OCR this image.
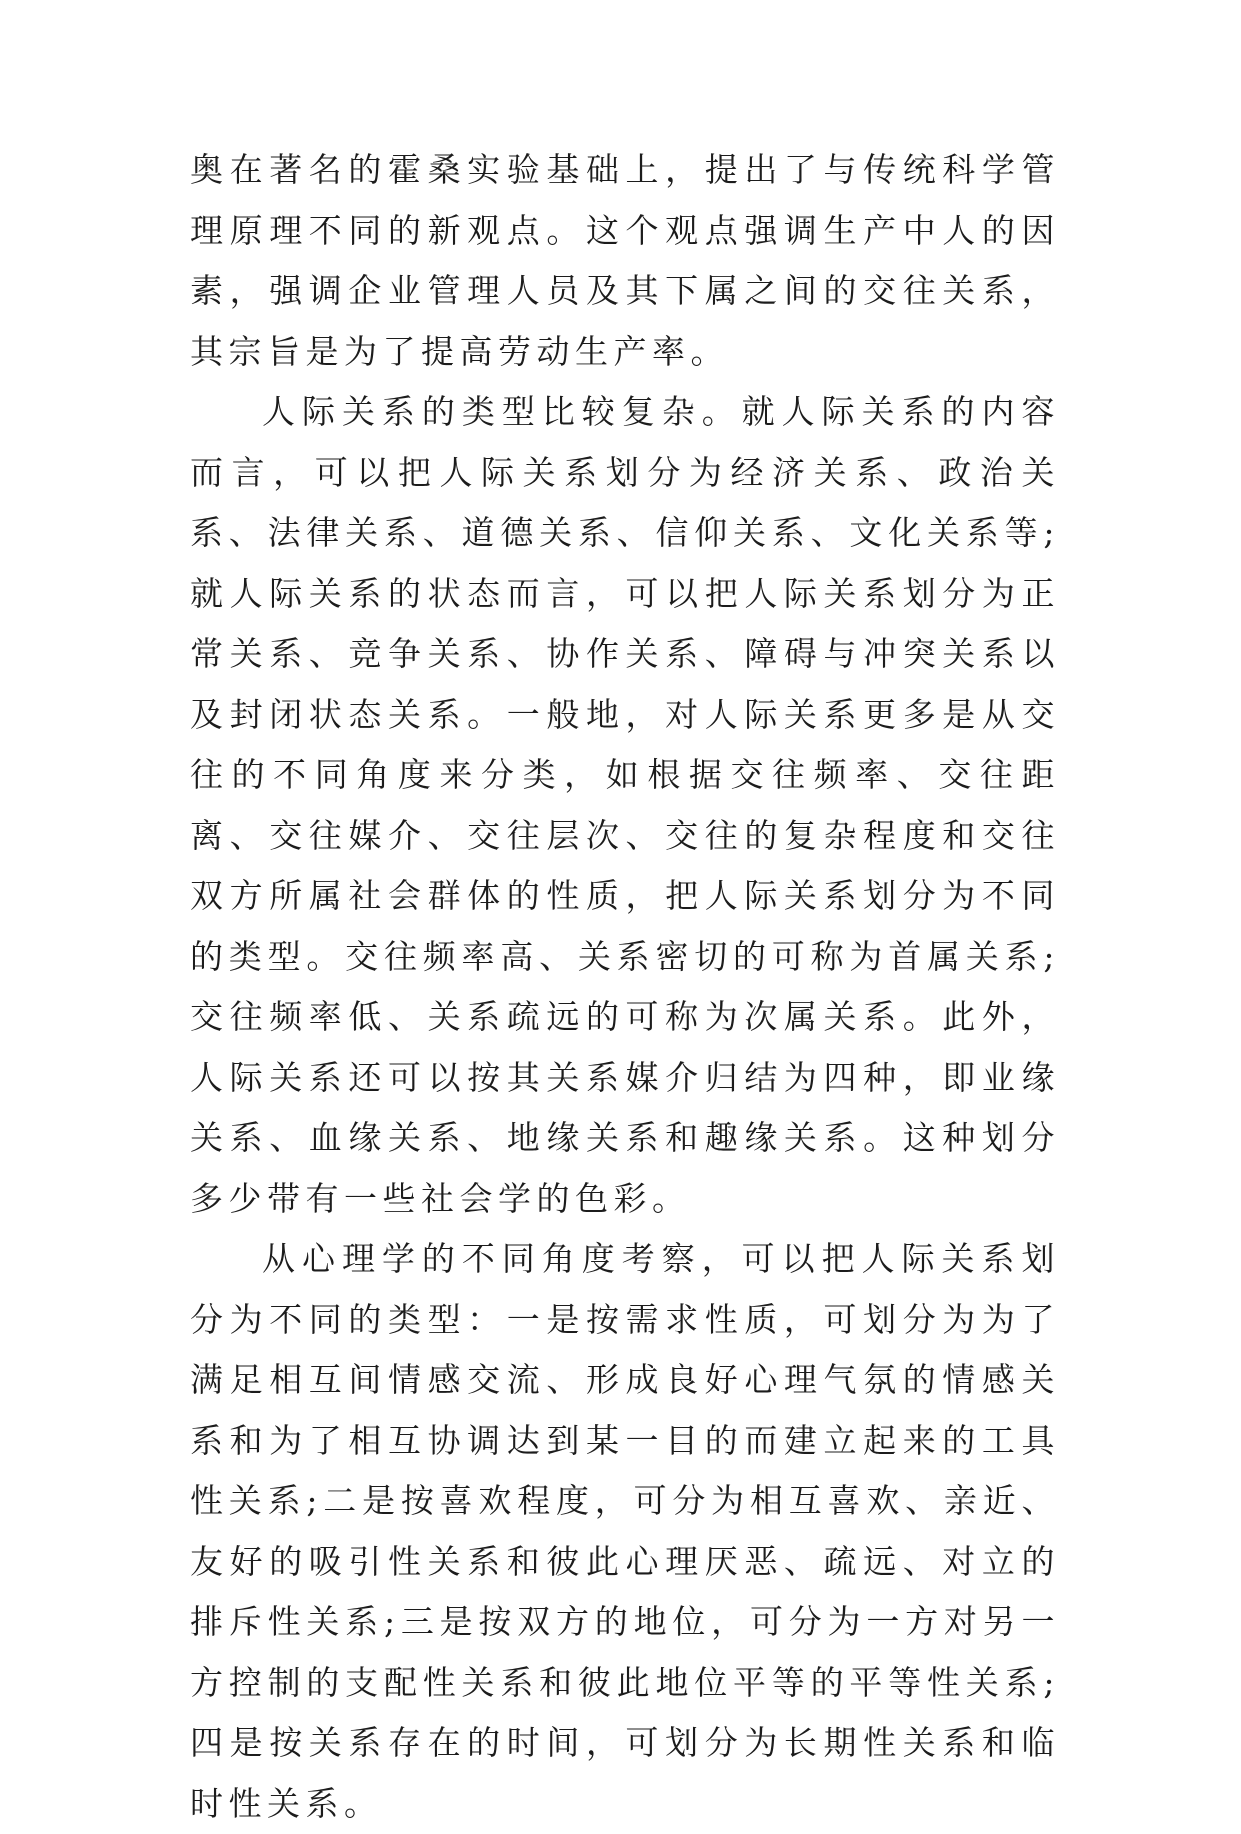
奥在著名的霍桑实验基础上，提出了与传统科学管理原理不同的新观点。这个观点强调生产中人的因素，强调企业管理人员及其下属之间的交往关系，其宗旨是为了提高劳动生产率。

人际关系的类型比较复杂。就人际关系的内容而言，可以把人际关系划分为经济关系、政治关系、法律关系、道德关系、信仰关系、文化关系等;就人际关系的状态而言，可以把人际关系划分为正常关系、竞争关系、协作关系、障碍与冲突关系以及封闭状态关系。一般地，对人际关系更多是从交往的不同角度来分类，如根据交往频率、交往距离、交往媒介、交往层次、交往的复杂程度和交往双方所属社会群体的性质，把人际关系划分为不同的类型。交往频率高、关系密切的可称为首属关系;交往频率低、关系疏远的可称为次属关系。此外，人际关系还可以按其关系媒介归结为四种，即业缘关系、血缘关系、地缘关系和趣缘关系。这种划分多少带有一些社会学的色彩。

从心理学的不同角度考察，可以把人际关系划分为不同的类型：一是按需求性质，可划分为为了满足相互间情感交流、形成良好心理气氛的情感关系和为了相互协调达到某一目的而建立起来的工具性关系;二是按喜欢程度，可分为相互喜欢、亲近、友好的吸引性关系和彼此心理厌恶、疏远、对立的排斥性关系;三是按双方的地位，可分为一方对另一方控制的支配性关系和彼此地位平等的平等性关系;四是按关系存在的时间，可划分为长期性关系和临时性关系。
